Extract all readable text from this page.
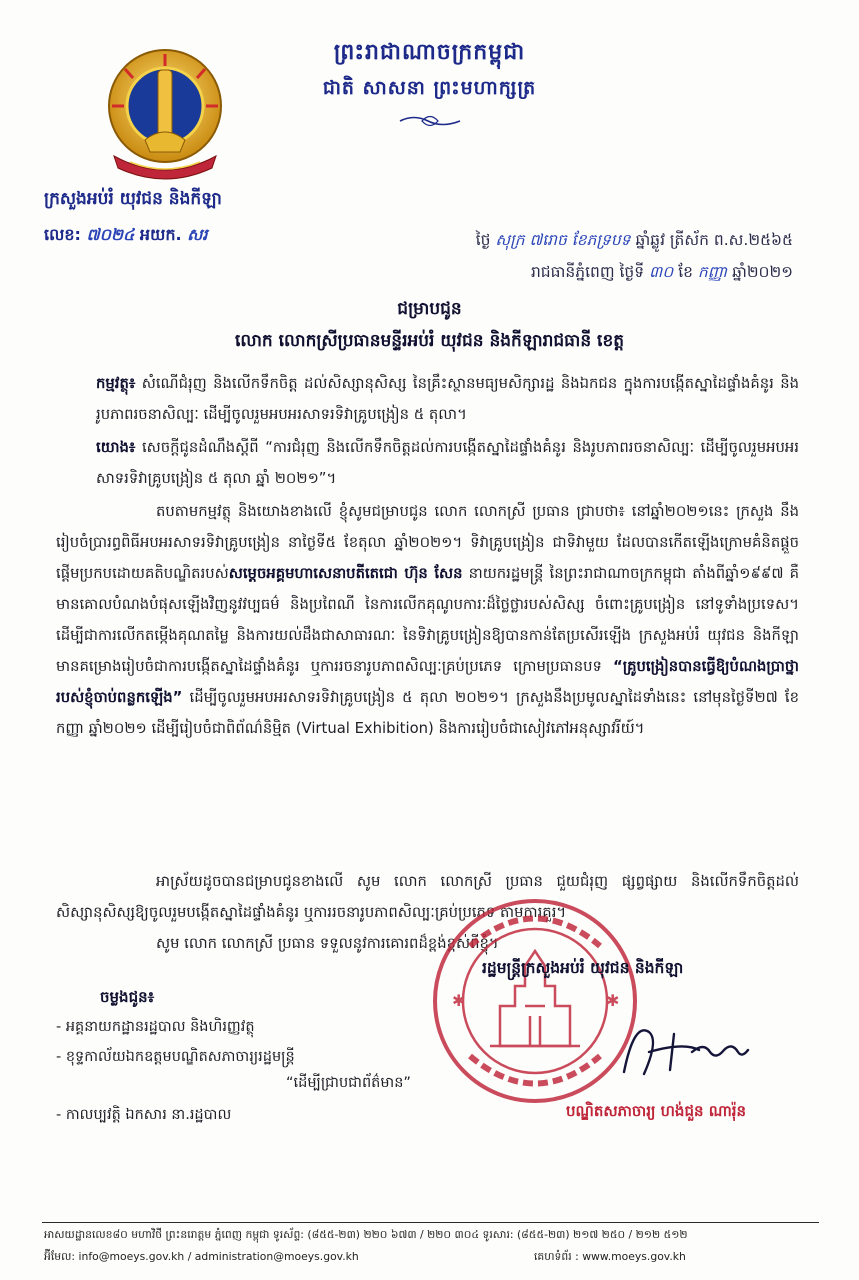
ព្រះរាជាណាចក្រកម្ពុជា
ជាតិ សាសនា ព្រះមហាក្សត្រ
ក្រសួងអប់រំ យុវជន និងកីឡា
លេខ: ៧០២៤ អយក. សរ	ថ្ងៃ សុក្រ ៧រោច ខែភទ្របទ ឆ្នាំឆ្លូវ ត្រីស័ក ព.ស.២៥៦៥
រាជធានីភ្នំពេញ ថ្ងៃទី ៣០ ខែ កញ្ញា ឆ្នាំ២០២១
ជម្រាបជូន
លោក លោកស្រីប្រធានមន្ទីរអប់រំ យុវជន និងកីឡារាជធានី ខេត្ត
កម្មវត្ថុ៖ សំណើជំរុញ និងលើកទឹកចិត្ត ដល់សិស្សានុសិស្ស នៃគ្រឹះស្ថានមធ្យមសិក្សារដ្ឋ និងឯកជន ក្នុងការបង្កើតស្នាដៃផ្ទាំងគំនូរ និងរូបភាពរចនាសិល្បៈ ដើម្បីចូលរួមអបអរសាទរទិវាគ្រូបង្រៀន ៥ តុលា។
យោង៖ សេចក្តីជូនដំណឹងស្តីពី “ការជំរុញ និងលើកទឹកចិត្តដល់ការបង្កើតស្នាដៃផ្ទាំងគំនូរ និងរូបភាពរចនាសិល្បៈ ដើម្បីចូលរួមអបអរសាទរទិវាគ្រូបង្រៀន ៥ តុលា ឆ្នាំ ២០២១”។
តបតាមកម្មវត្ថុ និងយោងខាងលើ ខ្ញុំសូមជម្រាបជូន លោក លោកស្រី ប្រធាន ជ្រាបថា៖ នៅឆ្នាំ២០២១នេះ ក្រសួង នឹងរៀបចំប្រារព្ធពិធីអបអរសាទរទិវាគ្រូបង្រៀន នាថ្ងៃទី៥ ខែតុលា ឆ្នាំ២០២១។ ទិវាគ្រូបង្រៀន ជាទិវាមួយ ដែលបានកើតឡើងក្រោមគំនិតផ្តួចផ្តើមប្រកបដោយគតិបណ្ឌិតរបស់សម្តេចអគ្គមហាសេនាបតីតេជោ ហ៊ុន សែន នាយករដ្ឋមន្ត្រី នៃព្រះរាជាណាចក្រកម្ពុជា តាំងពីឆ្នាំ១៩៩៧ គឺមានគោលបំណងបំផុសឡើងវិញនូវវប្បធម៌ និងប្រពៃណី នៃការលើកគុណូបការៈដ៏ថ្លៃថ្លារបស់សិស្ស ចំពោះគ្រូបង្រៀន នៅទូទាំងប្រទេស។ ដើម្បីជាការលើកតម្កើងគុណតម្លៃ និងការយល់ដឹងជាសាធារណៈ នៃទិវាគ្រូបង្រៀនឱ្យបានកាន់តែប្រសើរឡើង ក្រសួងអប់រំ យុវជន និងកីឡា មានគម្រោងរៀបចំជាការបង្កើតស្នាដៃផ្ទាំងគំនូរ ឬការរចនារូបភាពសិល្បៈគ្រប់ប្រភេទ ក្រោមប្រធានបទ “គ្រូបង្រៀនបានធ្វើឱ្យបំណងប្រាថ្នារបស់ខ្ញុំចាប់ពន្លកឡើង” ដើម្បីចូលរួមអបអរសាទរទិវាគ្រូបង្រៀន ៥ តុលា ២០២១។ ក្រសួងនឹងប្រមូលស្នាដៃទាំងនេះ នៅមុនថ្ងៃទី២៧ ខែកញ្ញា ឆ្នាំ២០២១ ដើម្បីរៀបចំជាពិព័ណ៌និម្មិត (Virtual Exhibition) និងការរៀបចំជាសៀវភៅអនុស្សាវរីយ៍។
អាស្រ័យដូចបានជម្រាបជូនខាងលើ សូម លោក លោកស្រី ប្រធាន ជួយជំរុញ ផ្សព្វផ្សាយ និងលើកទឹកចិត្តដល់សិស្សានុសិស្សឱ្យចូលរួមបង្កើតស្នាដៃផ្ទាំងគំនូរ ឬការរចនារូបភាពសិល្បៈគ្រប់ប្រភេទ តាមការគួរ។
សូម លោក លោកស្រី ប្រធាន ទទួលនូវការគោរពដ៏ខ្ពង់ខ្ពស់ពីខ្ញុំ។
✱	✱
រដ្ឋមន្ត្រីក្រសួងអប់រំ យុវជន និងកីឡា
បណ្ឌិតសភាចារ្យ ហង់ជួន ណារ៉ុន
ចម្លងជូន៖
- អគ្គនាយកដ្ឋានរដ្ឋបាល និងហិរញ្ញវត្ថុ
- ខុទ្ទកាល័យឯកឧត្តមបណ្ឌិតសភាចារ្យរដ្ឋមន្ត្រី
“ដើម្បីជ្រាបជាព័ត៌មាន”
- កាលប្បវត្តិ ឯកសារ នា.រដ្ឋបាល
អាសយដ្ឋានលេខ៨០ មហាវិថី ព្រះនរោត្តម ភ្នំពេញ កម្ពុជា ទូរស័ព្ទ: (៨៥៥-២៣) ២២០ ៦៧៣ / ២២០ ៣០៤ ទូរសារ: (៨៥៥-២៣) ២១៧ ២៥០ / ២១២ ៥១២
អ៊ីមែល: info@moeys.gov.kh / administration@moeys.gov.kh	គេហទំព័រ : www.moeys.gov.kh
